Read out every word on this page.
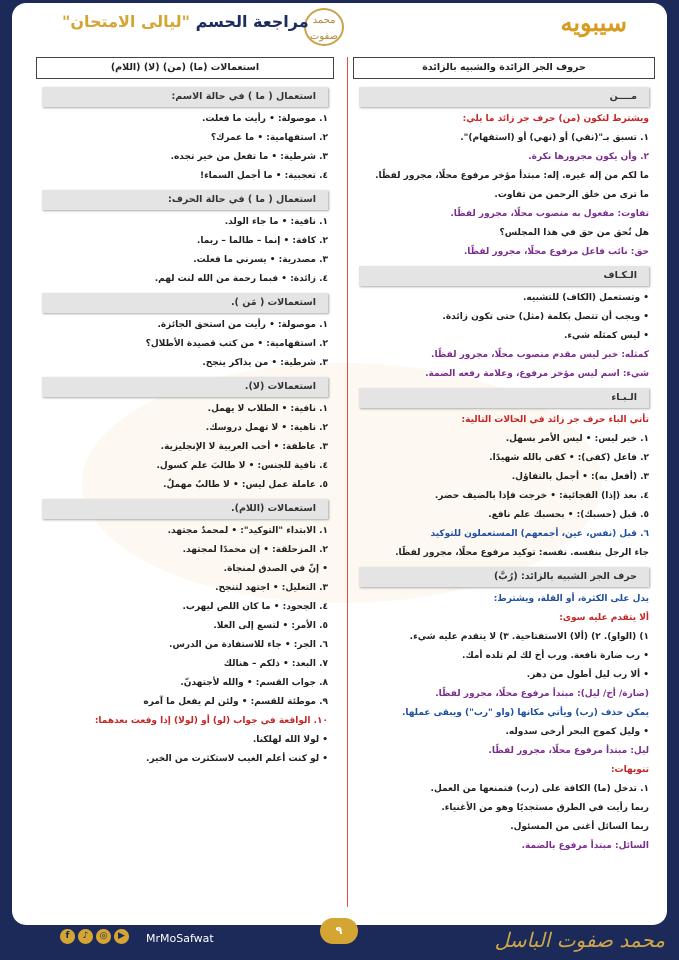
سيبويه
محمد صفوت
مراجعة الحسم "ليالى الامتحان"
حروف الجر الزائدة والشبيه بالزائدة
مــــن
ويشترط لتكون (من) حرف جر زائد ما يلي:
١. تسبق بـ"(نفي) أو (نهي) أو (استفهام)".
٢. وأن يكون مجرورها نكرة.
ما لكم من إله غيره. إله: مبتدأ مؤخر مرفوع محلًا، مجرور لفظًا.
ما ترى من خلق الرحمن من تفاوت.
تفاوت: مفعول به منصوب محلًا، مجرور لفظًا.
هل تُحق من حق في هذا المجلس؟
حق: نائب فاعل مرفوع محلًا، مجرور لفظًا.
الـكـاف
• وتستعمل (الكاف) للتشبيه.
• ويجب أن تتصل بكلمة (مثل) حتى تكون زائدة.
• ليس كمثله شيء.
كمثله: خبر ليس مقدم منصوب محلًا، مجرور لفظًا.
شيء: اسم ليس مؤخر مرفوع، وعلامة رفعه الضمة.
الـبـاء
تأتي الباء حرف جر زائد في الحالات التالية:
١. خبر ليس: • ليس الأمر بسهل.
٢. فاعل (كفى): • كفى بالله شهيدًا.
٣. (أفعل به): • أجمل بالتفاؤل.
٤. بعد (إذا) الفجائية: • خرجت فإذا بالضيف حضر.
٥. قبل (حسبك): • بحسبك علم نافع.
٦. قبل (نفس، عين، أجمعهم) المستعملون للتوكيد
جاء الرجل بنفسه. نفسه: توكيد مرفوع محلًا، مجرور لفظًا.
حرف الجر الشبيه بالزائد: (رُبَّ)
يدل على الكثرة، أو القلة، ويشترط:
ألا يتقدم عليه سوى:
١) (الواو). ٢) (ألا) الاستفتاحية. ٣) لا يتقدم عليه شيء.
• رب ضارة نافعة. ورب أخ لك لم تلده أمك.
• ألا رب ليل أطول من دهر.
(ضارة/ أخ/ ليل): مبتدأ مرفوع محلًا، مجرور لفظًا.
يمكن حذف (رب) ويأتي مكانها (واو "رب") ويبقى عملها.
• وليل كموج البحر أرخى سدوله.
ليل: مبتدأ مرفوع محلًا، مجرور لفظًا.
تنويهات:
١. تدخل (ما) الكافة على (رب) فتمنعها من العمل.
ربما رأيت في الطرق مستجديًا وهو من الأغنياء.
ربما السائل أغنى من المسئول.
السائل: مبتدأ مرفوع بالضمة.
استعمالات (ما) (من) (لا) (اللام)
استعمال ( ما ) في حالة الاسم:
١. موصولة: • رأيت ما فعلت.
٢. استفهامية: • ما عمرك؟
٣. شرطية: • ما تفعل من خير تجده.
٤. تعجبية: • ما أجمل السماء!
استعمال ( ما ) في حالة الحرف:
١. نافية: • ما جاء الولد.
٢. كافة: • إنما – طالما – ربما.
٣. مصدرية: • يسرني ما فعلت.
٤. زائدة: • فبما رحمة من الله لنت لهم.
استعمالات ( مَن ).
١. موصولة: • رأيت من استحق الجائزة.
٢. استفهامية: • من كتب قصيدة الأطلال؟
٣. شرطية: • من يذاكر ينجح.
استعمالات (لا).
١. نافية: • الطلاب لا يهمل.
٢. ناهية: • لا تهمل دروسك.
٣. عاطفة: • أحب العربية لا الإنجليزية.
٤. نافية للجنس: • لا طالبَ علم كسول.
٥. عاملة عمل ليس: • لا طالبٌ مهملٌ.
استعمالات (اللام).
١. الابتداء "التوكيد": • لمحمدٌ مجتهد.
٢. المزحلقة: • إن محمدًا لمجتهد.
• إنّ في الصدق لمنجاة.
٣. التعليل: • اجتهد لتنجح.
٤. الجحود: • ما كان اللص ليهرب.
٥. الأمر: • لتسع إلى العلا.
٦. الجر: • جاء للاستفادة من الدرس.
٧. البعد: • ذلكم – هنالك
٨. جواب القسم: • والله لأجتهدنّ.
٩. موطئة للقسم: • ولئن لم يفعل ما آمره
١٠. الواقعة في جواب (لو) أو (لولا) إذا وقعت بعدهما:
• لولا الله لهلكنا.
• لو كنت أعلم الغيب لاستكثرت من الخير.
f ♪ ◎ ▶	MrMoSafwat
٩	محمد صفوت الباسل
